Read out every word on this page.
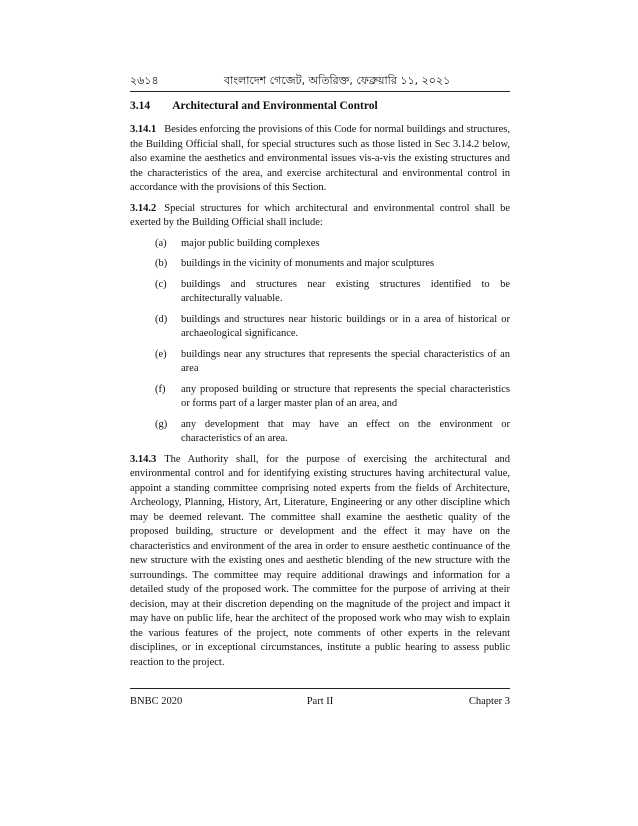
২৬১৪	বাংলাদেশ গেজেট, অতিরিক্ত, ফেব্রুয়ারি ১১, ২০২১
3.14 Architectural and Environmental Control

3.14.1 Besides enforcing the provisions of this Code for normal buildings and structures, the Building Official shall, for special structures such as those listed in Sec 3.14.2 below, also examine the aesthetics and environmental issues vis-a-vis the existing structures and the characteristics of the area, and exercise architectural and environmental control in accordance with the provisions of this Section.

3.14.2 Special structures for which architectural and environmental control shall be exerted by the Building Official shall include:

(a)	major public building complexes
(b)	buildings in the vicinity of monuments and major sculptures
(c)	buildings and structures near existing structures identified to be architecturally valuable.
(d)	buildings and structures near historic buildings or in a area of historical or archaeological significance.
(e)	buildings near any structures that represents the special characteristics of an area
(f)	any proposed building or structure that represents the special characteristics or forms part of a larger master plan of an area, and
(g)	any development that may have an effect on the environment or characteristics of an area.

3.14.3 The Authority shall, for the purpose of exercising the architectural and environmental control and for identifying existing structures having architectural value, appoint a standing committee comprising noted experts from the fields of Architecture, Archeology, Planning, History, Art, Literature, Engineering or any other discipline which may be deemed relevant. The committee shall examine the aesthetic quality of the proposed building, structure or development and the effect it may have on the characteristics and environment of the area in order to ensure aesthetic continuance of the new structure with the existing ones and aesthetic blending of the new structure with the surroundings. The committee may require additional drawings and information for a detailed study of the proposed work. The committee for the purpose of arriving at their decision, may at their discretion depending on the magnitude of the project and impact it may have on public life, hear the architect of the proposed work who may wish to explain the various features of the project, note comments of other experts in the relevant disciplines, or in exceptional circumstances, institute a public hearing to assess public reaction to the project.

BNBC 2020	Part II	Chapter 3
